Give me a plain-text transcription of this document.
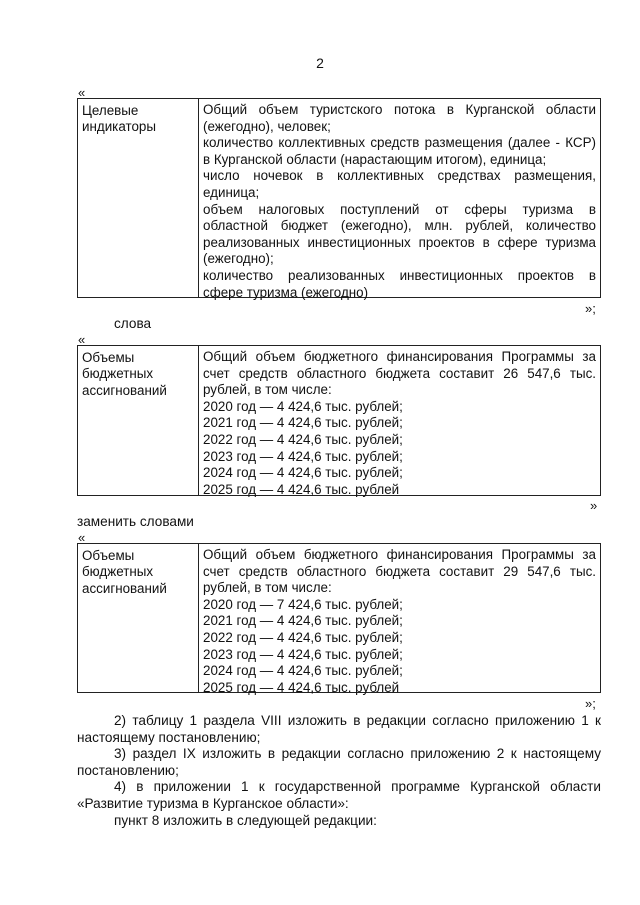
2
«
Целевые
индикаторы
Общий объем туристского потока в Курганской области
(ежегодно), человек;
количество коллективных средств размещения (далее - КСР)
в Курганской области (нарастающим итогом), единица;
число ночевок в коллективных средствах размещения,
единица;
объем налоговых поступлений от сферы туризма в
областной бюджет (ежегодно), млн. рублей, количество
реализованных инвестиционных проектов в сфере туризма
(ежегодно);
количество реализованных инвестиционных проектов в
сфере туризма (ежегодно)
»;
слова
«
Объемы
бюджетных
ассигнований
Общий объем бюджетного финансирования Программы за
счет средств областного бюджета составит 26 547,6 тыс.
рублей, в том числе:
2020 год — 4 424,6 тыс. рублей;
2021 год — 4 424,6 тыс. рублей;
2022 год — 4 424,6 тыс. рублей;
2023 год — 4 424,6 тыс. рублей;
2024 год — 4 424,6 тыс. рублей;
2025 год — 4 424,6 тыс. рублей
»
заменить словами
«
Объемы
бюджетных
ассигнований
Общий объем бюджетного финансирования Программы за
счет средств областного бюджета составит 29 547,6 тыс.
рублей, в том числе:
2020 год — 7 424,6 тыс. рублей;
2021 год — 4 424,6 тыс. рублей;
2022 год — 4 424,6 тыс. рублей;
2023 год — 4 424,6 тыс. рублей;
2024 год — 4 424,6 тыс. рублей;
2025 год — 4 424,6 тыс. рублей
»;
2) таблицу 1 раздела VIII изложить в редакции согласно приложению 1 к
настоящему постановлению;
3) раздел IX изложить в редакции согласно приложению 2 к настоящему
постановлению;
4) в приложении 1 к государственной программе Курганской области
«Развитие туризма в Курганское области»:
пункт 8 изложить в следующей редакции:
